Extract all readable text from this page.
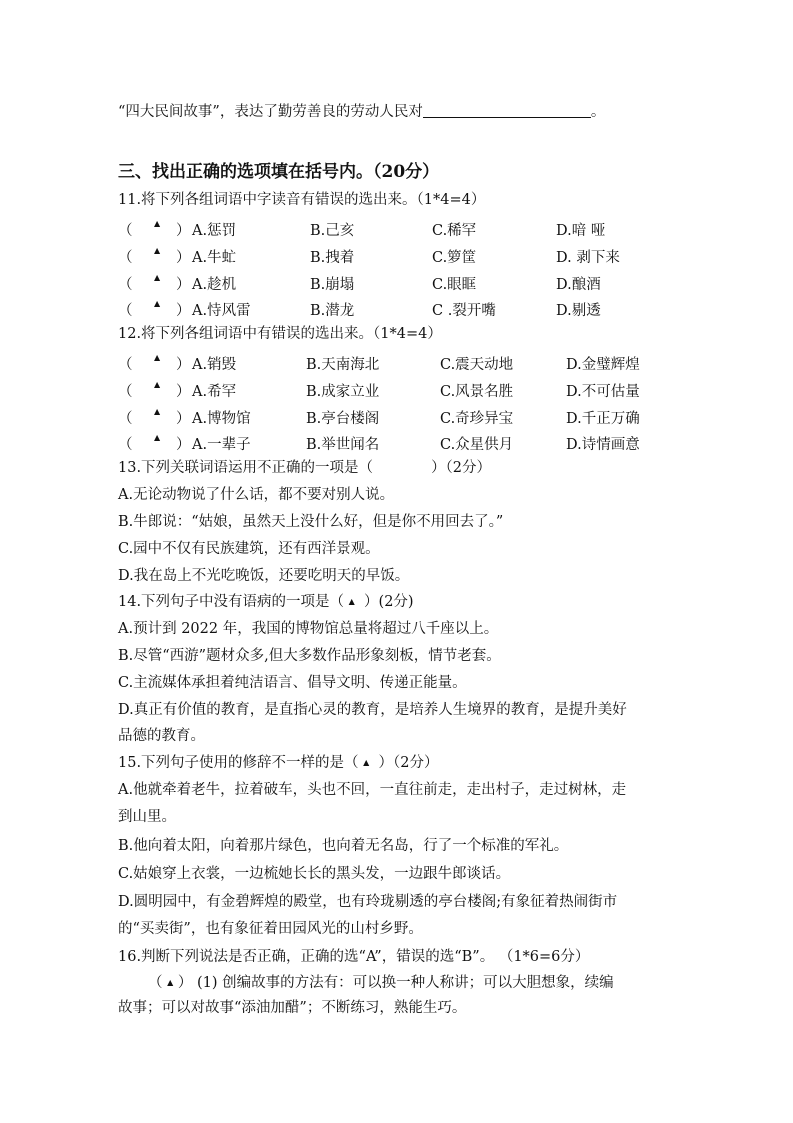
“四大民间故事”，表达了勤劳善良的劳动人民对	。
三、找出正确的选项填在括号内。（20分）
11.将下列各组词语中字读音有错误的选出来。（1*4=4）
（	▲ ） A.惩罚	B.己亥	C.稀罕	D.喑 哑
（	▲ ） A.牛虻	B.拽着	C.箩筐	D. 剥下来
（	▲ ） A.趁机	B.崩塌	C.眼眶	D.酿酒
（	▲ ） A.恃风雷	B.潜龙	C .裂开嘴	D.剔透
12.将下列各组词语中有错误的选出来。（1*4=4）
（	▲ ） A.销毁	B.天南海北	C.震天动地	D.金璧辉煌
（	▲ ） A.希罕	B.成家立业	C.风景名胜	D.不可估量
（	▲ ） A.博物馆	B.亭台楼阁	C.奇珍异宝	D.千正万确
（	▲ ） A.一辈子	B.举世闻名	C.众星供月	D.诗情画意
13.下列关联词语运用不正确的一项是（	）（2分）
A.无论动物说了什么话，都不要对别人说。
B.牛郎说：“姑娘，虽然天上没什么好，但是你不用回去了。”
C.园中不仅有民族建筑，还有西洋景观。
D.我在岛上不光吃晚饭，还要吃明天的早饭。
14.下列句子中没有语病的一项是（ ▲ ）(2分)
A.预计到 2022 年，我国的博物馆总量将超过八千座以上。
B.尽管“西游”题材众多,但大多数作品形象刻板，情节老套。
C.主流媒体承担着纯洁语言、倡导文明、传递正能量。
D.真正有价值的教育，是直指心灵的教育，是培养人生境界的教育，是提升美好
品德的教育。
15.下列句子使用的修辞不一样的是（ ▲ ）（2分）
A.他就牵着老牛，拉着破车，头也不回，一直往前走，走出村子，走过树林，走
到山里。
B.他向着太阳，向着那片绿色，也向着无名岛，行了一个标准的军礼。
C.姑娘穿上衣裳，一边梳她长长的黑头发，一边跟牛郎谈话。
D.圆明园中，有金碧辉煌的殿堂，也有玲珑剔透的亭台楼阁;有象征着热闹街市
的“买卖街”，也有象征着田园风光的山村乡野。
16.判断下列说法是否正确，正确的选“A”，错误的选“B”。 （1*6=6分）
（ ▲ ） (1) 创编故事的方法有：可以换一种人称讲；可以大胆想象，续编
故事；可以对故事“添油加醋”；不断练习，熟能生巧。
